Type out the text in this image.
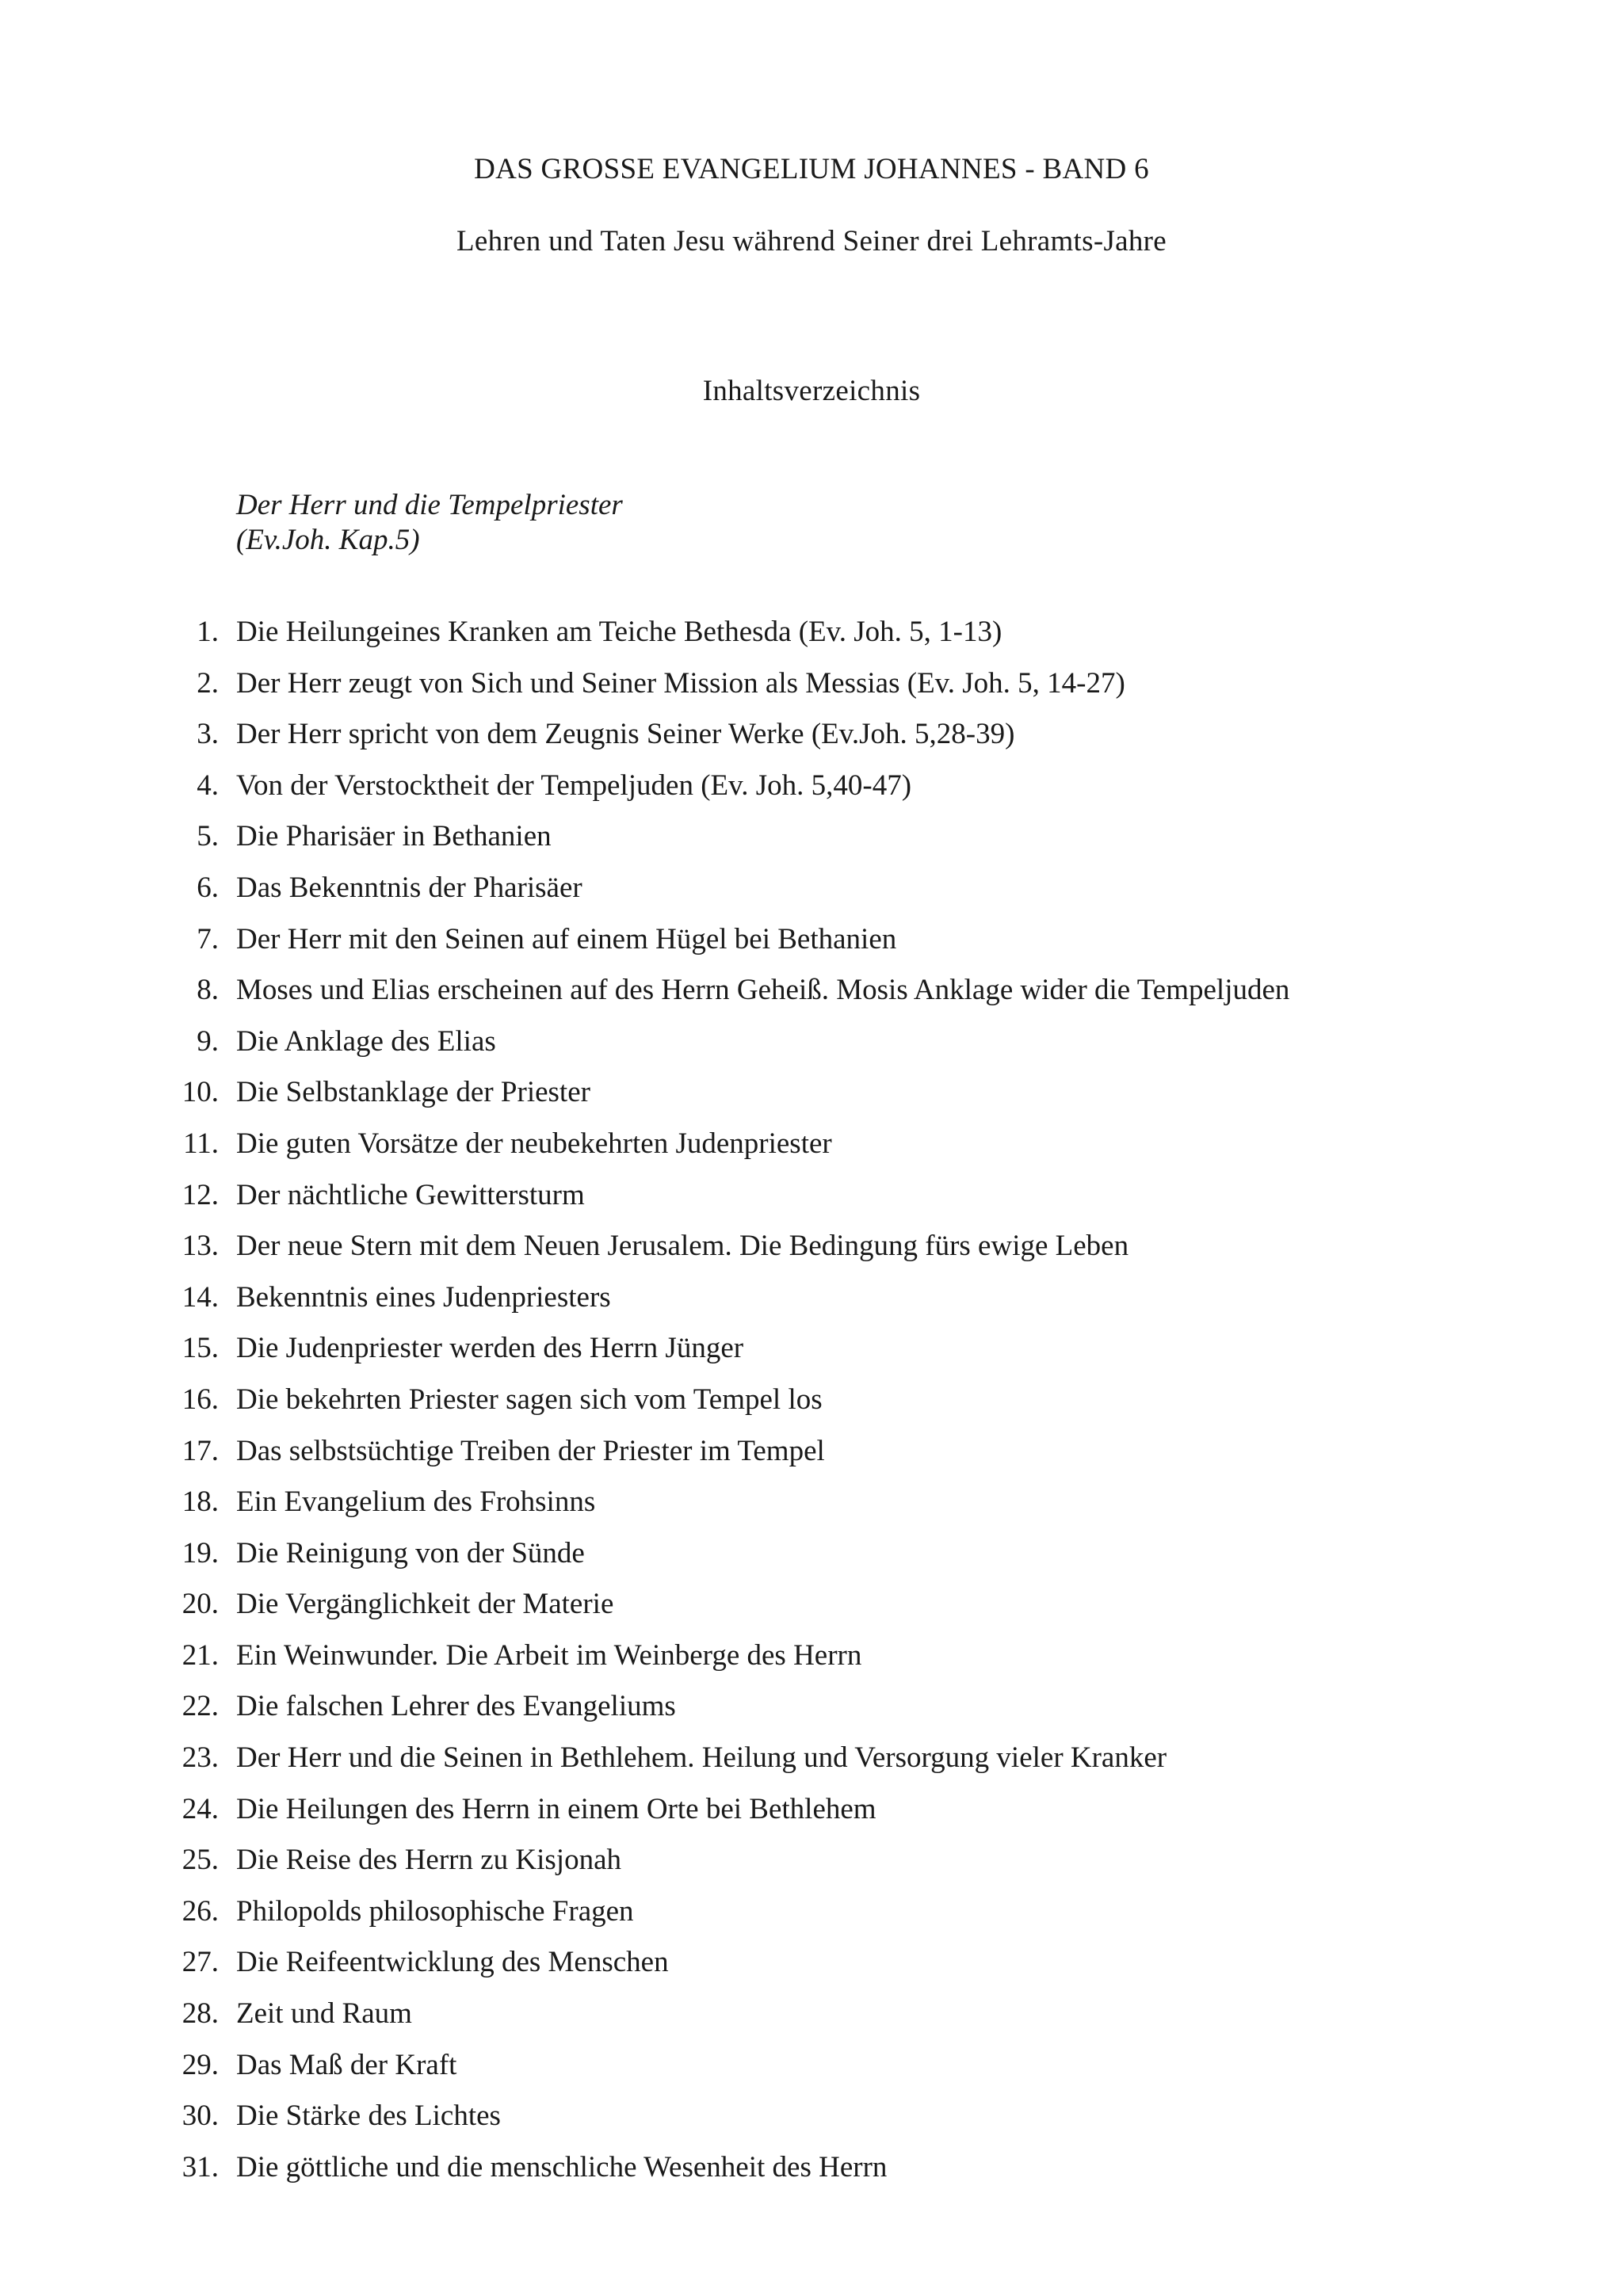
DAS GROSSE EVANGELIUM JOHANNES - BAND 6
Lehren und Taten Jesu während Seiner drei Lehramts-Jahre
Inhaltsverzeichnis
Der Herr und die Tempelpriester
(Ev.Joh. Kap.5)
1. Die Heilungeines Kranken am Teiche Bethesda (Ev. Joh. 5, 1-13)
2. Der Herr zeugt von Sich und Seiner Mission als Messias (Ev. Joh. 5, 14-27)
3. Der Herr spricht von dem Zeugnis Seiner Werke (Ev.Joh. 5,28-39)
4. Von der Verstocktheit der Tempeljuden (Ev. Joh. 5,40-47)
5. Die Pharisäer in Bethanien
6. Das Bekenntnis der Pharisäer
7. Der Herr mit den Seinen auf einem Hügel bei Bethanien
8. Moses und Elias erscheinen auf des Herrn Geheiß. Mosis Anklage wider die Tempeljuden
9. Die Anklage des Elias
10. Die Selbstanklage der Priester
11. Die guten Vorsätze der neubekehrten Judenpriester
12. Der nächtliche Gewittersturm
13. Der neue Stern mit dem Neuen Jerusalem. Die Bedingung fürs ewige Leben
14. Bekenntnis eines Judenpriesters
15. Die Judenpriester werden des Herrn Jünger
16. Die bekehrten Priester sagen sich vom Tempel los
17. Das selbstsüchtige Treiben der Priester im Tempel
18. Ein Evangelium des Frohsinns
19. Die Reinigung von der Sünde
20. Die Vergänglichkeit der Materie
21. Ein Weinwunder. Die Arbeit im Weinberge des Herrn
22. Die falschen Lehrer des Evangeliums
23. Der Herr und die Seinen in Bethlehem. Heilung und Versorgung vieler Kranker
24. Die Heilungen des Herrn in einem Orte bei Bethlehem
25. Die Reise des Herrn zu Kisjonah
26. Philopolds philosophische Fragen
27. Die Reifeentwicklung des Menschen
28. Zeit und Raum
29. Das Maß der Kraft
30. Die Stärke des Lichtes
31. Die göttliche und die menschliche Wesenheit des Herrn
